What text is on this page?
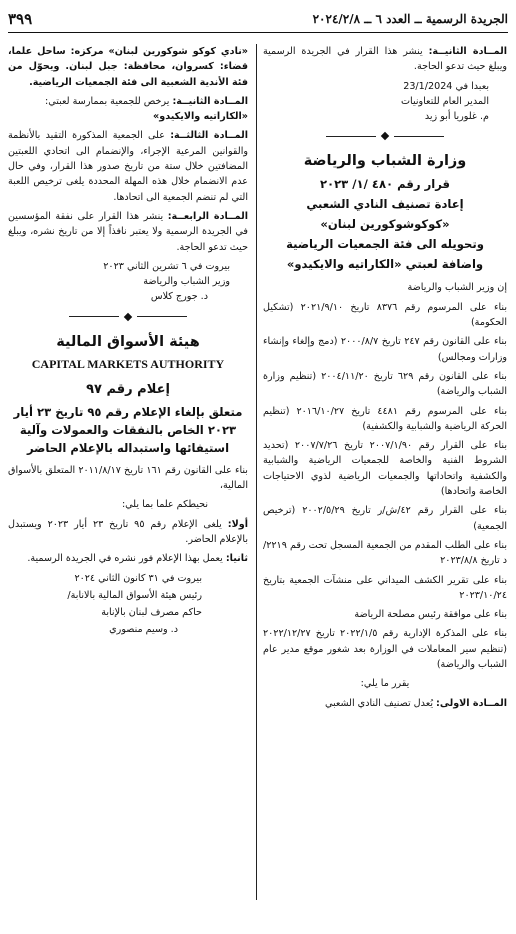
الجريدة الرسمية ــ العدد ٦ ــ ٢٠٢٤/٢/٨
٣٩٩

المــادة الثانيــة: ينشر هذا القرار في الجريدة الرسمية ويبلغ حيث تدعو الحاجة.

بعبدا في 23/1/2024

المدير العام للتعاونيات

م. غلوريا أبو زيد

وزارة الشباب والرياضة

قرار رقم ٤٨٠ /١/ ٢٠٢٣

إعادة تصنيف النادي الشعبي

«كوكوشوكورين لبنان»

وتحويله الى فئة الجمعيات الرياضية

واضافة لعبتي «الكاراتيه والايكيدو»

إن وزير الشباب والرياضة

بناء على المرسوم رقم ٨٣٧٦ تاريخ ٢٠٢١/٩/١٠ (تشكيل الحكومة)

بناء على القانون رقم ٢٤٧ تاريخ ٢٠٠٠/٨/٧ (دمج وإلغاء وإنشاء وزارات ومجالس)

بناء على القانون رقم ٦٢٩ تاريخ ٢٠٠٤/١١/٢٠ (تنظيم وزارة الشباب والرياضة)

بناء على المرسوم رقم ٤٤٨١ تاريخ ٢٠١٦/١٠/٢٧ (تنظيم الحركة الرياضية والشبابية والكشفية)

بناء على القرار رقم ٢٠٠٧/١/٩٠ تاريخ ٢٠٠٧/٧/٢٦ (تحديد الشروط الفنية والخاصة للجمعيات الرياضية والشبابية والكشفية واتحاداتها والجمعيات الرياضية لذوي الاحتياجات الخاصة واتحادها)

بناء على القرار رقم ٤٢/ش/ر تاريخ ٢٠٠٢/٥/٢٩ (ترخيص الجمعية)

بناء على الطلب المقدم من الجمعية المسجل تحت رقم ٢٢١٩/د تاريخ ٢٠٢٣/٨/٨

بناء على تقرير الكشف الميداني على منشآت الجمعية بتاريخ ٢٠٢٣/١٠/٢٤

بناء على موافقة رئيس مصلحة الرياضة

بناء على المذكرة الإدارية رقم ٢٠٢٢/١/٥ تاريخ ٢٠٢٢/١٢/٢٧ (تنظيم سير المعاملات في الوزارة بعد شغور موقع مدير عام الشباب والرياضة)

يقرر ما يلي:

المــادة الاولى: يُعدل تصنيف النادي الشعبي

«نادي كوكو شوكورين لبنان» مركزه: ساحل علما، قضاء: كسروان، محافظة: جبل لبنان. ويحوّل من فئة الأندية الشعبية الى فئة الجمعيات الرياضية.

المــادة الثانيــة: يرخص للجمعية بممارسة لعبتي:
«الكاراتيه والايكيدو»

المــادة الثالثــة: على الجمعية المذكورة التقيد بالأنظمة والقوانين المرعية الإجراء، والإنضمام الى اتحادي اللعبتين المضافتين خلال ستة من تاريخ صدور هذا القرار، وفي حال عدم الانضمام خلال هذه المهلة المحددة يلغى ترخيص اللعبة التي لم تنضم الجمعية الى اتحادها.

المــادة الرابعــة: ينشر هذا القرار على نفقة المؤسسين في الجريدة الرسمية ولا يعتبر نافذاً إلا من تاريخ نشره، ويبلغ حيث تدعو الحاجة.

بيروت في ٦ تشرين الثاني ٢٠٢٣

وزير الشباب والرياضة

د. جورج كلاس

هيئة الأسواق المالية

CAPITAL MARKETS AUTHORITY

إعلام رقم ٩٧

متعلق بإلغاء الإعلام رقم ٩٥ تاريخ ٢٣ أيار ٢٠٢٣ الخاص بالنفقات والعمولات وآلية استيفائها واستبداله بالإعلام الحاضر

بناء على القانون رقم ١٦١ تاريخ ٢٠١١/٨/١٧ المتعلق بالأسواق المالية،

نحيطكم علما بما يلي:

أولا: يلغى الإعلام رقم ٩٥ تاريخ ٢٣ أيار ٢٠٢٣ ويستبدل بالإعلام الحاضر.

ثانيا: يعمل بهذا الإعلام فور نشره في الجريدة الرسمية.

بيروت في ٣١ كانون الثاني ٢٠٢٤

رئيس هيئة الأسواق المالية بالانابة/

حاكم مصرف لبنان بالإنابة

د. وسيم منصوري
